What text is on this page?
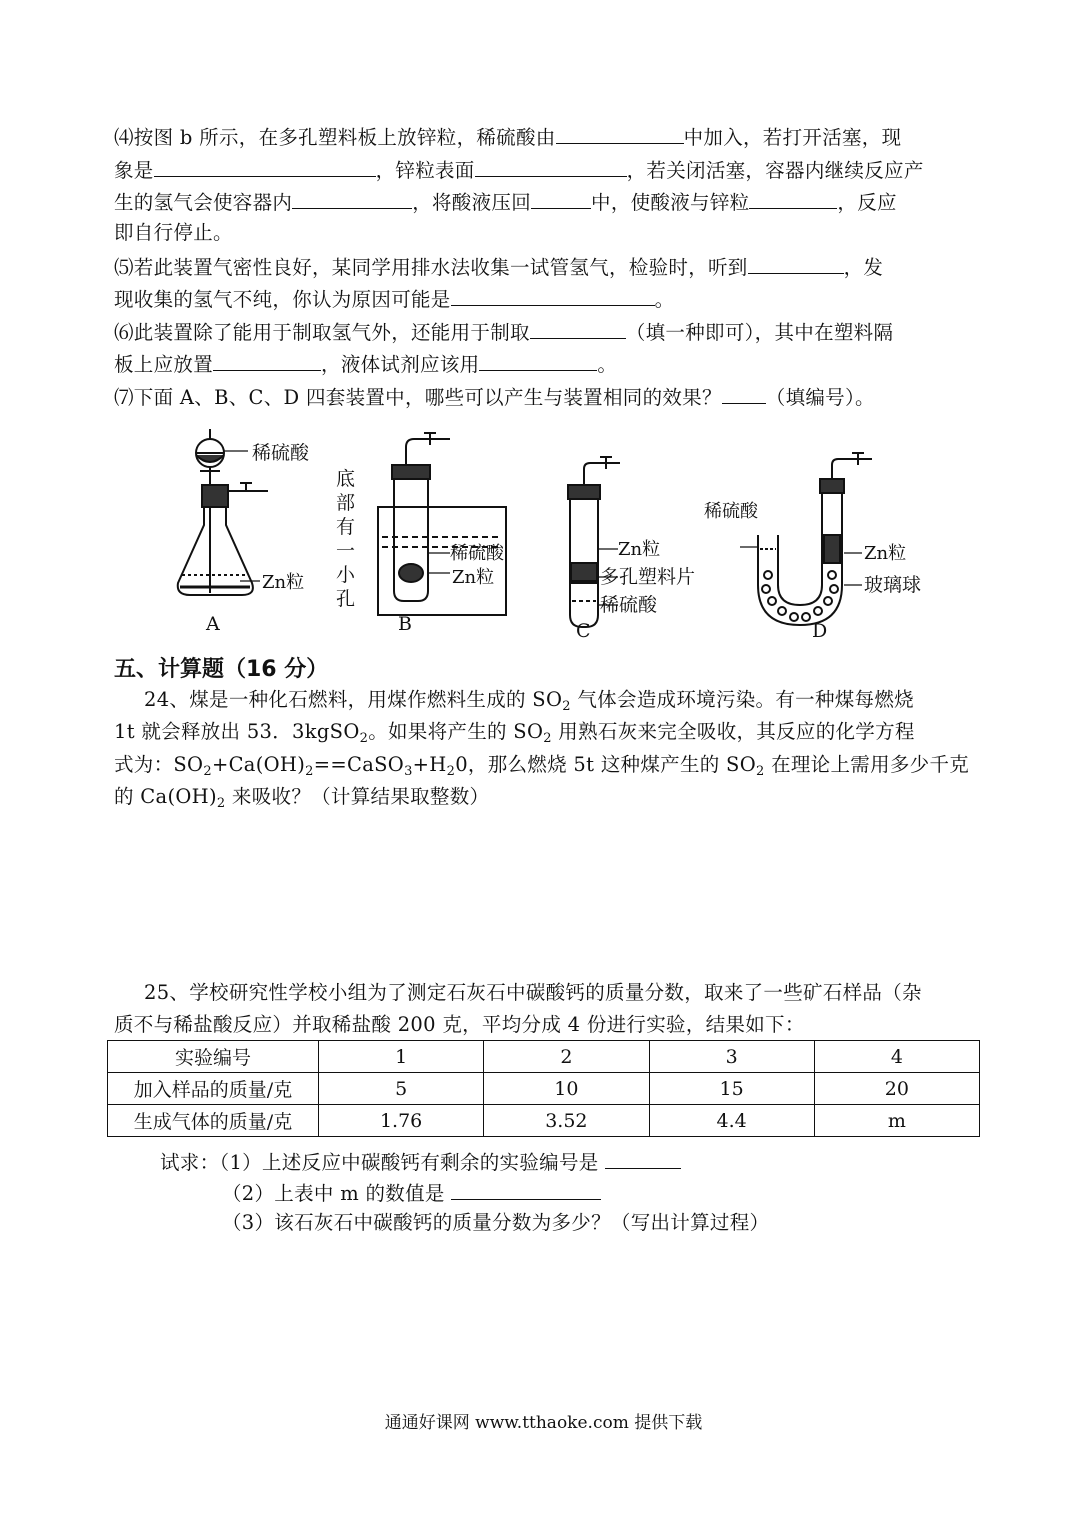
⑷按图 b 所示，在多孔塑料板上放锌粒，稀硫酸由	中加入，若打开活塞，现
象是	，锌粒表面	，若关闭活塞，容器内继续反应产
生的氢气会使容器内	，将酸液压回	中，使酸液与锌粒	，反应
即自行停止。
⑸若此装置气密性良好，某同学用排水法收集一试管氢气，检验时，听到	，发
现收集的氢气不纯，你认为原因可能是	。
⑹此装置除了能用于制取氢气外，还能用于制取	（填一种即可），其中在塑料隔
板上应放置	，液体试剂应该用	。
⑺下面 A、B、C、D 四套装置中，哪些可以产生与装置相同的效果？ （填编号）。
稀硫酸
Zn粒
A
底 部 有 一 小 孔
稀硫酸
Zn粒
B
Zn粒
多孔塑料片
稀硫酸
C
稀硫酸
Zn粒
玻璃球
D
五、计算题（16 分）
24、煤是一种化石燃料，用煤作燃料生成的 $SO_2$ 气体会造成环境污染。有一种煤每燃烧
1t 就会释放出 53．3kgSO$_2$。如果将产生的 $SO_2$ 用熟石灰来完全吸收，其反应的化学方程
式为：$SO_2+Ca(OH)_2==CaSO_3+H_20$，那么燃烧 5t 这种煤产生的 $SO_2$ 在理论上需用多少千克
的 $Ca(OH)_2$ 来吸收？（计算结果取整数）
25、学校研究性学校小组为了测定石灰石中碳酸钙的质量分数，取来了一些矿石样品（杂
质不与稀盐酸反应）并取稀盐酸 200 克，平均分成 4 份进行实验，结果如下：
实验编号	1	2	3	4
加入样品的质量/克	5	10	15	20
生成气体的质量/克	1.76	3.52	4.4	m
试求：（1）上述反应中碳酸钙有剩余的实验编号是
（2）上表中 m 的数值是
（3）该石灰石中碳酸钙的质量分数为多少？（写出计算过程）
通通好课网 www.tthaoke.com 提供下载
